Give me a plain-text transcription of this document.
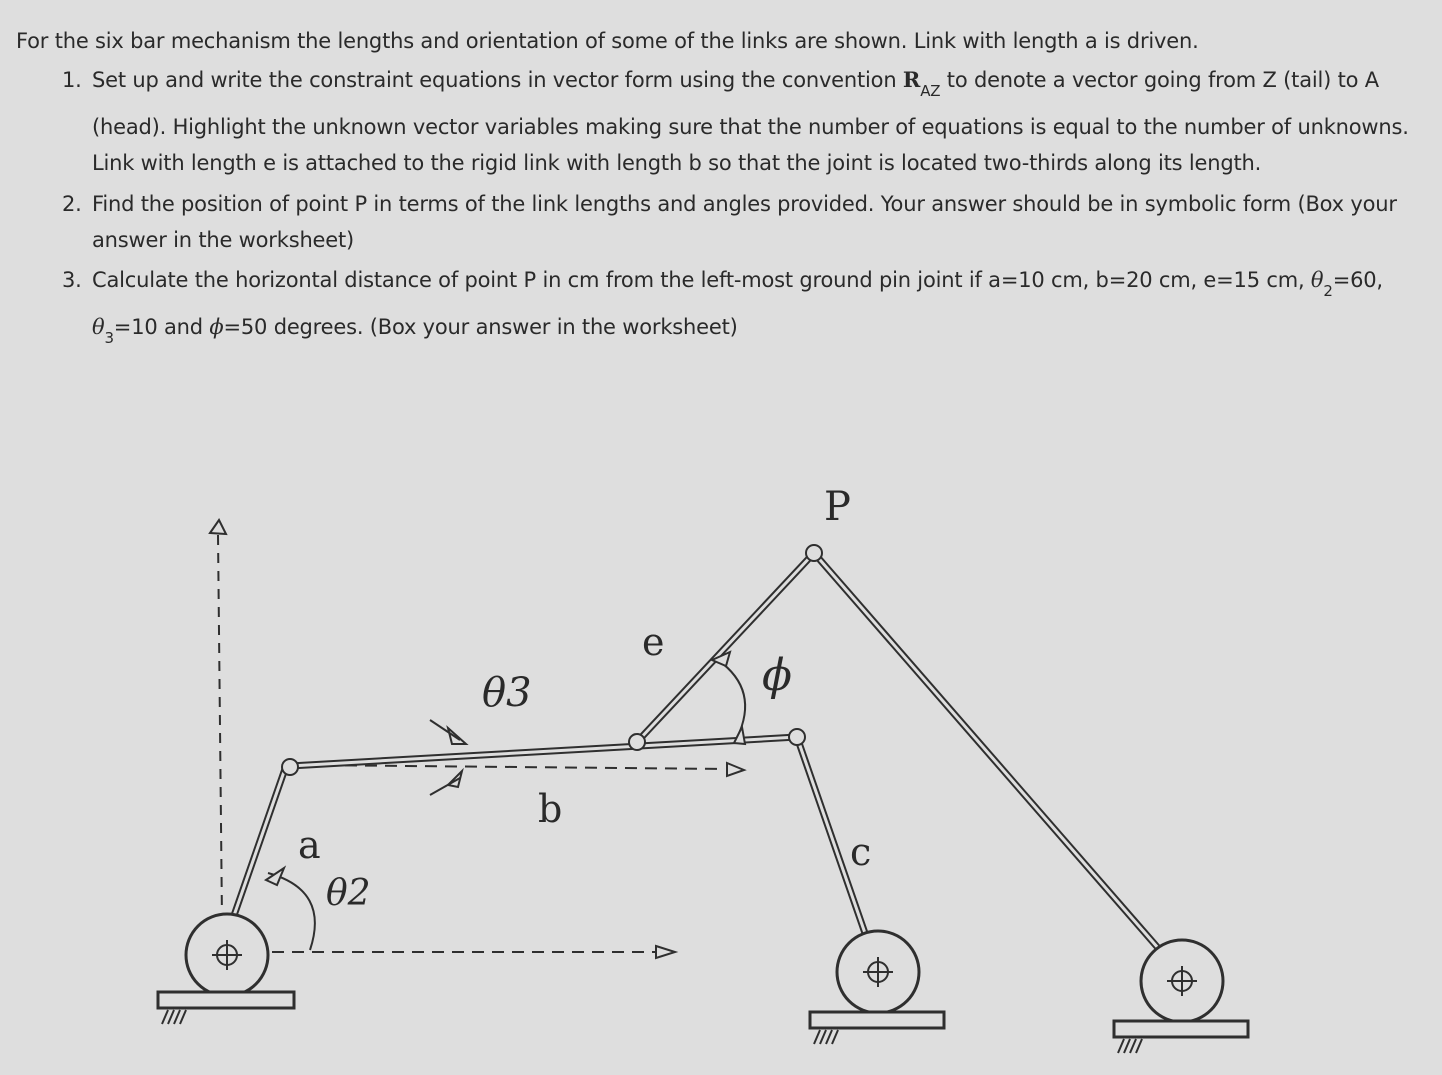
For the six bar mechanism the lengths and orientation of some of the links are shown. Link with length a is driven.
1. Set up and write the constraint equations in vector form using the convention $R_{AZ}$ to denote a vector going from Z (tail) to A (head). Highlight the unknown vector variables making sure that the number of equations is equal to the number of unknowns. Link with length e is attached to the rigid link with length b so that the joint is located two-thirds along its length.
2. Find the position of point P in terms of the link lengths and angles provided. Your answer should be in symbolic form (Box your answer in the worksheet)
3. Calculate the horizontal distance of point P in cm from the left-most ground pin joint if a=10 cm, b=20 cm, e=15 cm, $\theta_2=60$,
$\theta_3=10$ and ϕ=50 degrees. (Box your answer in the worksheet)
P
a
b
c
e
θ2
θ3	ϕ
